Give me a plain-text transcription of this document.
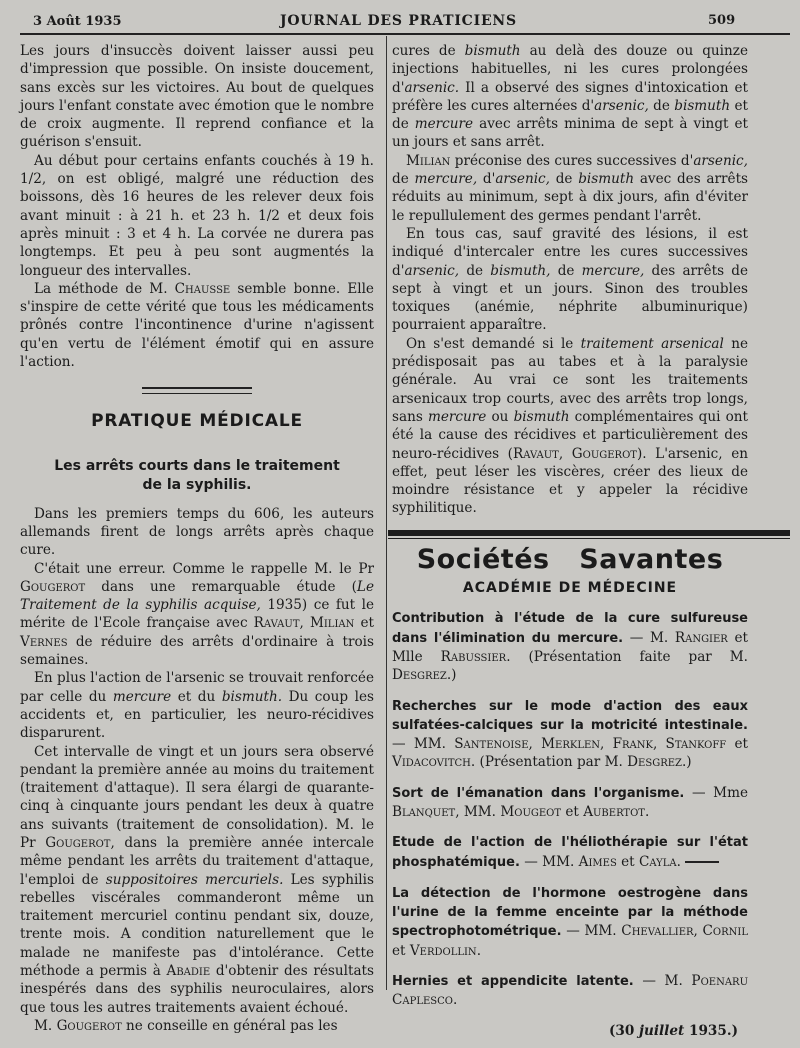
3 Août 1935	JOURNAL DES PRATICIENS	509

Les jours d'insuccès doivent laisser aussi peu d'impression que possible. On insiste doucement, sans excès sur les victoires. Au bout de quelques jours l'enfant constate avec émotion que le nombre de croix augmente. Il reprend confiance et la guérison s'ensuit.

Au début pour certains enfants couchés à 19 h. 1/2, on est obligé, malgré une réduction des boissons, dès 16 heures de les relever deux fois avant minuit : à 21 h. et 23 h. 1/2 et deux fois après minuit : 3 et 4 h. La corvée ne durera pas longtemps. Et peu à peu sont augmentés la longueur des intervalles.

La méthode de M. Chausse semble bonne. Elle s'inspire de cette vérité que tous les médicaments prônés contre l'incontinence d'urine n'agissent qu'en vertu de l'élément émotif qui en assure l'action.

PRATIQUE MÉDICALE
Les arrêts courts dans le traitement
de la syphilis.

Dans les premiers temps du 606, les auteurs allemands firent de longs arrêts après chaque cure.

C'était une erreur. Comme le rappelle M. le Pr Gougerot dans une remarquable étude (Le Traitement de la syphilis acquise, 1935) ce fut le mérite de l'Ecole française avec Ravaut, Milian et Vernes de réduire des arrêts d'ordinaire à trois semaines.

En plus l'action de l'arsenic se trouvait renforcée par celle du mercure et du bismuth. Du coup les accidents et, en particulier, les neuro-récidives disparurent.

Cet intervalle de vingt et un jours sera observé pendant la première année au moins du traitement (traitement d'attaque). Il sera élargi de quarante-cinq à cinquante jours pendant les deux à quatre ans suivants (traitement de consolidation). M. le Pr Gougerot, dans la première année intercale même pendant les arrêts du traitement d'attaque, l'emploi de suppositoires mercuriels. Les syphilis rebelles viscérales commanderont même un traitement mercuriel continu pendant six, douze, trente mois. A condition naturellement que le malade ne manifeste pas d'intolérance. Cette méthode a permis à Abadie d'obtenir des résultats inespérés dans des syphilis neuroculaires, alors que tous les autres traitements avaient échoué.

M. Gougerot ne conseille en général pas les

cures de bismuth au delà des douze ou quinze injections habituelles, ni les cures prolongées d'arsenic. Il a observé des signes d'intoxication et préfère les cures alternées d'arsenic, de bismuth et de mercure avec arrêts minima de sept à vingt et un jours et sans arrêt.

Milian préconise des cures successives d'arsenic, de mercure, d'arsenic, de bismuth avec des arrêts réduits au minimum, sept à dix jours, afin d'éviter le repullulement des germes pendant l'arrêt.

En tous cas, sauf gravité des lésions, il est indiqué d'intercaler entre les cures successives d'arsenic, de bismuth, de mercure, des arrêts de sept à vingt et un jours. Sinon des troubles toxiques (anémie, néphrite albuminurique) pourraient apparaître.

On s'est demandé si le traitement arsenical ne prédisposait pas au tabes et à la paralysie générale. Au vrai ce sont les traitements arsenicaux trop courts, avec des arrêts trop longs, sans mercure ou bismuth complémentaires qui ont été la cause des récidives et particulièrement des neuro-récidives (Ravaut, Gougerot). L'arsenic, en effet, peut léser les viscères, créer des lieux de moindre résistance et y appeler la récidive syphilitique.

Sociétés   Savantes
ACADÉMIE DE MÉDECINE
Contribution à l'étude de la cure sulfureuse dans l'élimination du mercure. — M. Rangier et Mlle Rabussier. (Présentation faite par M. Desgrez.)
Recherches sur le mode d'action des eaux sulfatées-calciques sur la motricité intestinale. — MM. Santenoise, Merklen, Frank, Stankoff et Vidacovitch. (Présentation par M. Desgrez.)
Sort de l'émanation dans l'organisme. — Mme Blanquet, MM. Mougeot et Aubertot.
Etude de l'action de l'héliothérapie sur l'état phosphatémique. — MM. Aimes et Cayla.
La détection de l'hormone oestrogène dans l'urine de la femme enceinte par la méthode spectrophotométrique. — MM. Chevallier, Cornil et Verdollin.
Hernies et appendicite latente. — M. Poenaru Caplesco.
(30 juillet 1935.)
